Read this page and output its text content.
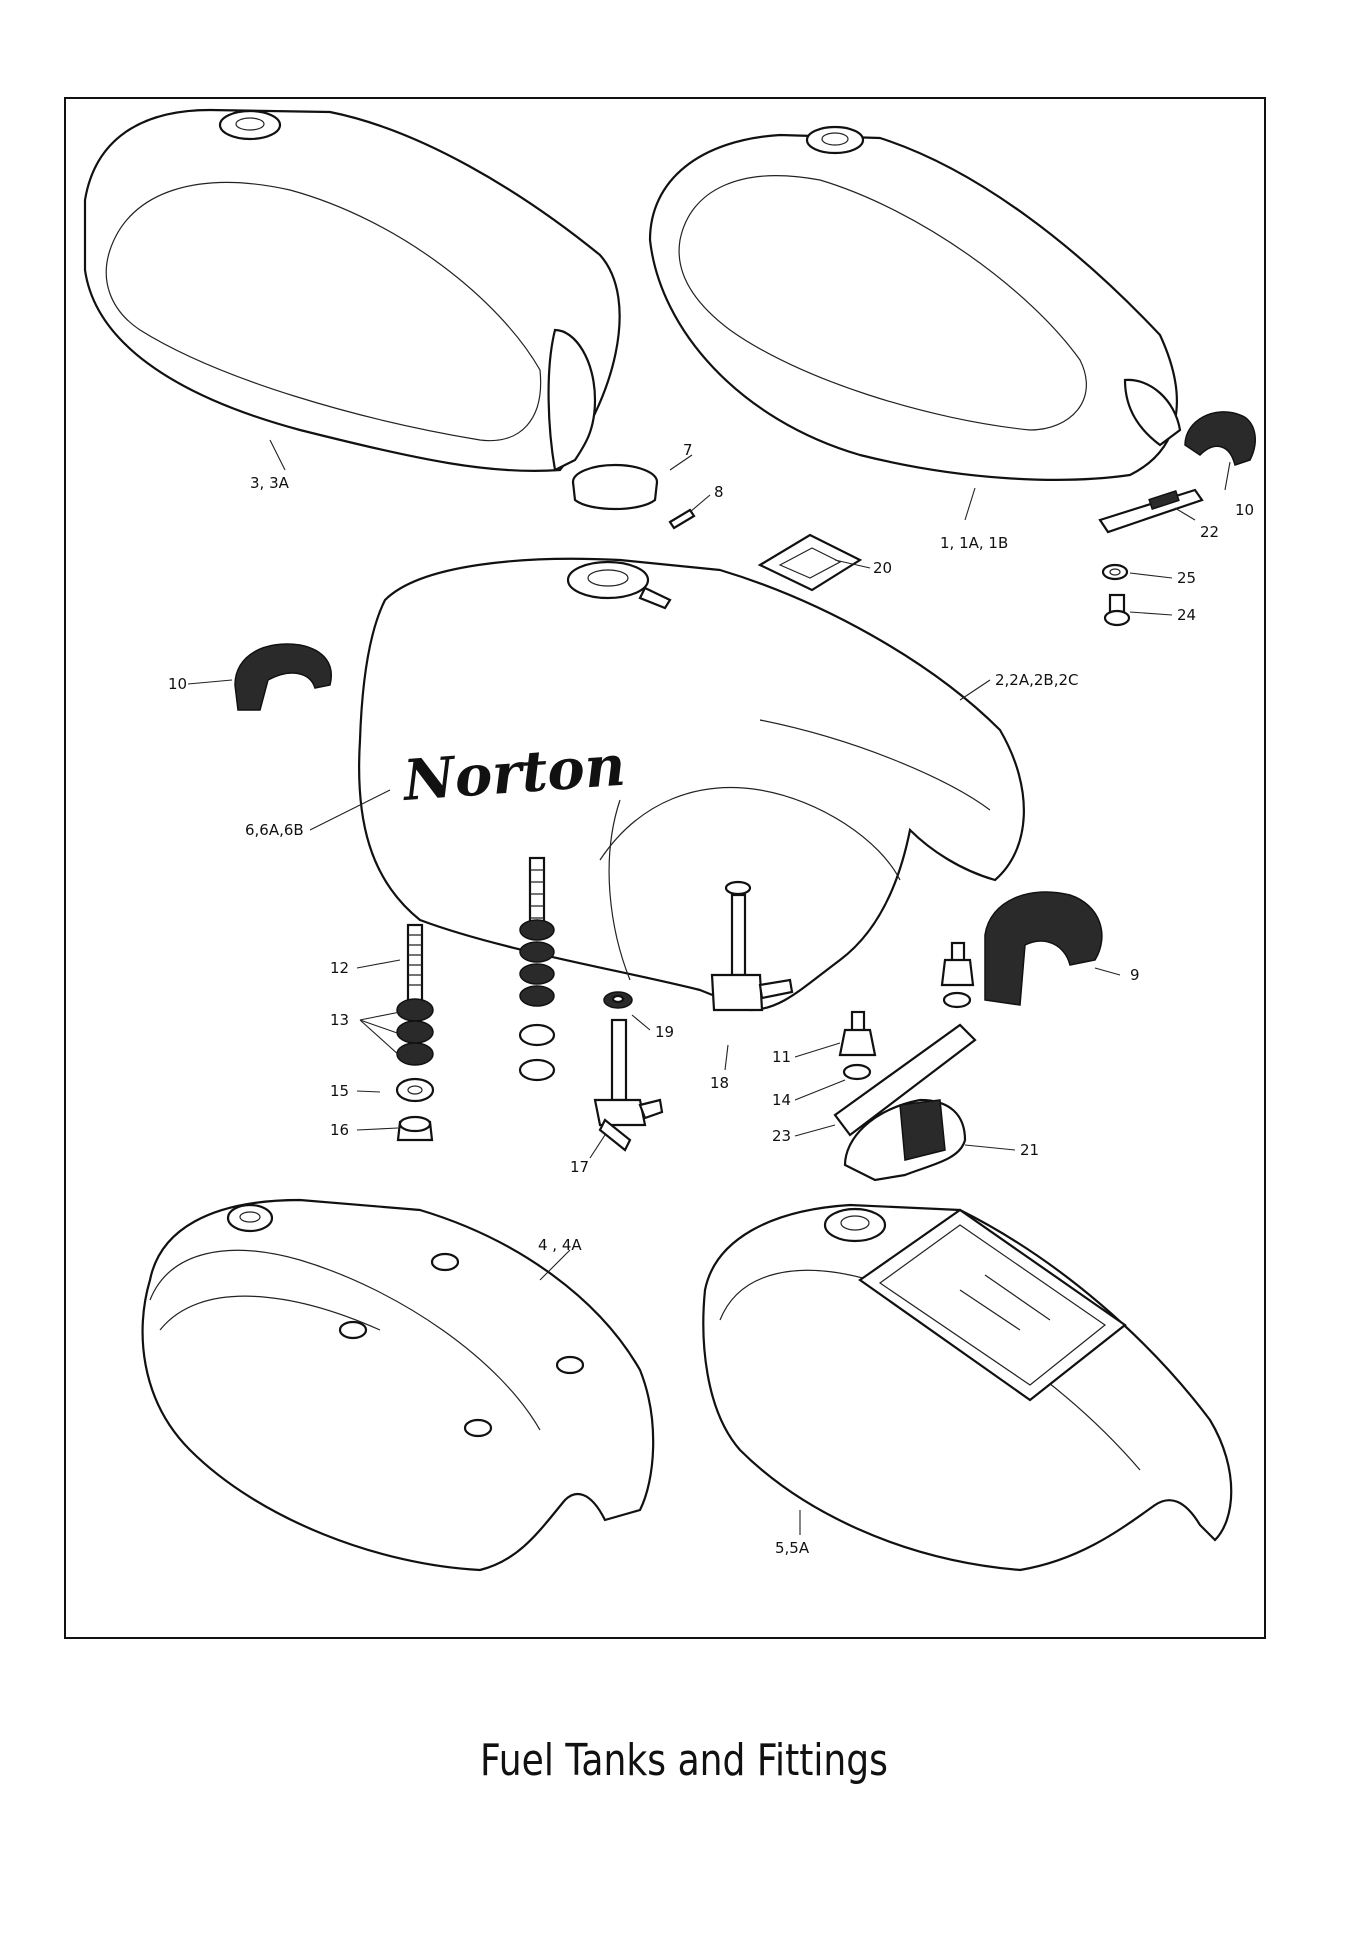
Norton
3, 3A
7
8
1, 1A, 1B
10
22
20
25
24
10	2,2A,2B,2C
6,6A,6B
12
13
15
16
19
17
18
9
11
14
23
21
4 , 4A
5,5A
Fuel Tanks and Fittings
